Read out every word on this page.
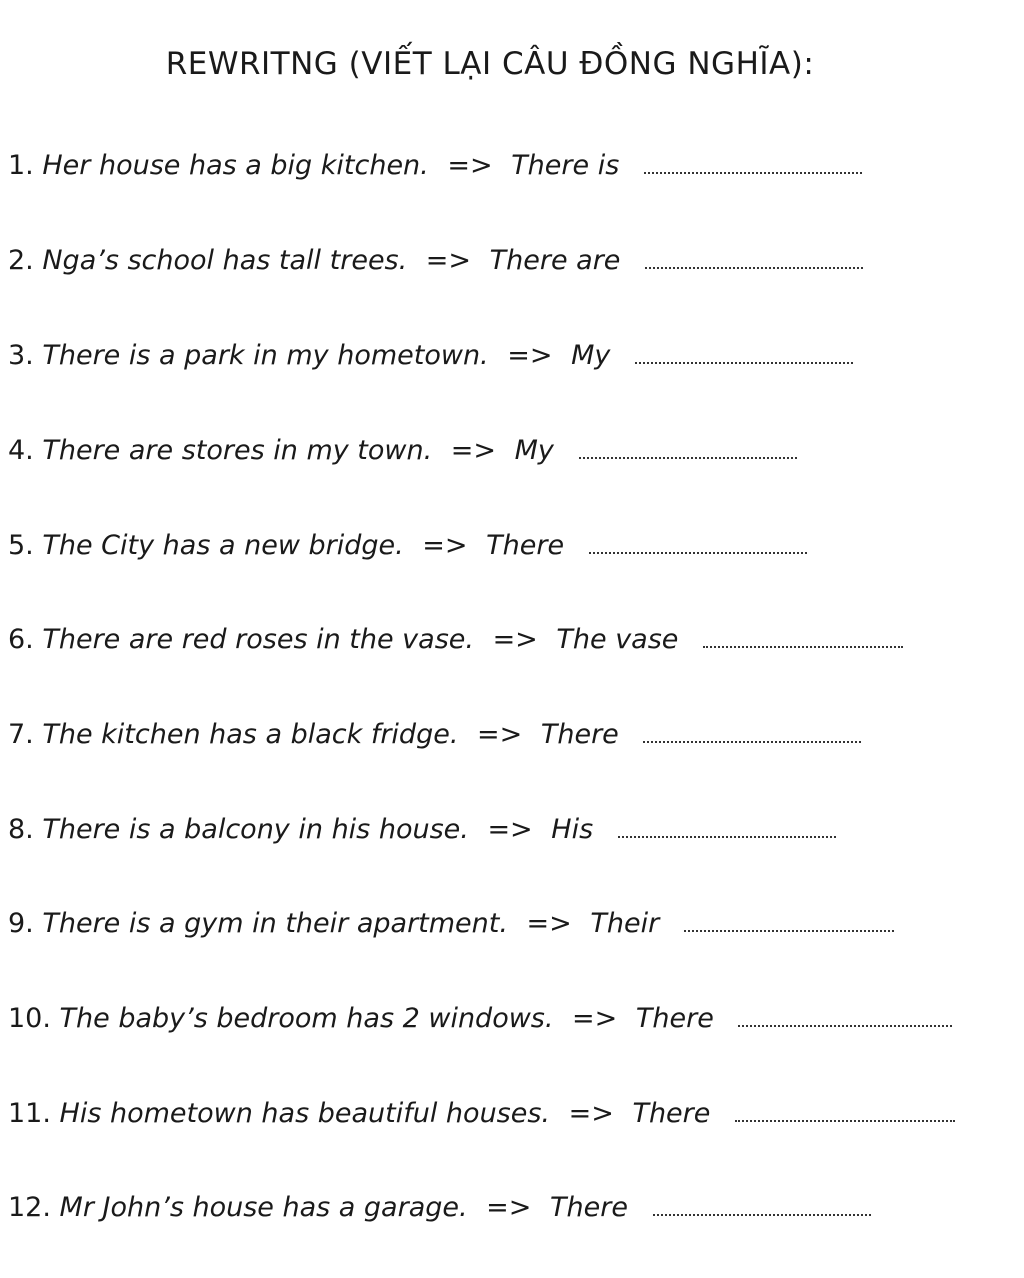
REWRITNG (VIẾT LẠI CÂU ĐỒNG NGHĨA):
1. Her house has a big kitchen. => There is
2. Nga’s school has tall trees. => There are
3. There is a park in my hometown. => My
4. There are stores in my town. => My
5. The City has a new bridge. => There
6. There are red roses in the vase. => The vase
7. The kitchen has a black fridge. => There
8. There is a balcony in his house. => His
9. There is a gym in their apartment. => Their
10. The baby’s bedroom has 2 windows. => There
11. His hometown has beautiful houses. => There
12. Mr John’s house has a garage. => There
